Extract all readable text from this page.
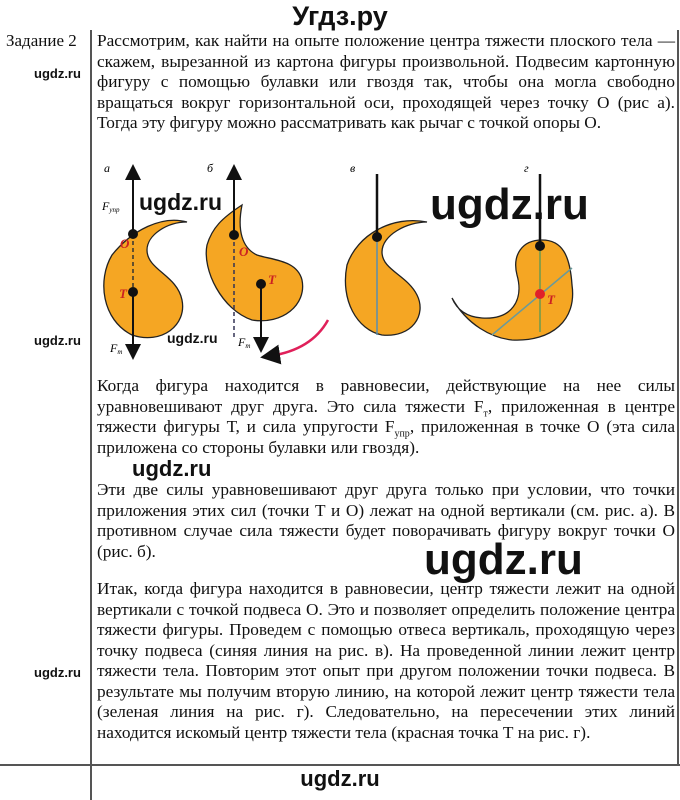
Угдз.ру
Задание 2
ugdz.ru
ugdz.ru
ugdz.ru

Рассмотрим, как найти на опыте положение центра тяжести плоского тела — скажем, вырезанной из картона фигуры произвольной. Подвесим картонную фигуру с помощью булавки или гвоздя так, чтобы она могла свободно вращаться вокруг горизонтальной оси, проходящей через точку О (рис а). Тогда эту фигуру можно рассматривать как рычаг с точкой опоры О.

O
T
а
Fупр
Fт
O
T
б
Fт
в
T
г
ugdz.ru
ugdz.ru
ugdz.ru

Когда фигура находится в равновесии, действующие на нее силы уравновешивают друг друга. Это сила тяжести $F_т$, приложенная в центре тяжести фигуры Т, и сила упругости $F_{упр}$, приложенная в точке О (эта сила приложена со стороны булавки или гвоздя).

ugdz.ru

Эти две силы уравновешивают друг друга только при условии, что точки приложения этих сил (точки Т и О) лежат на одной вертикали (см. рис. а). В противном случае сила тяжести будет поворачивать фигуру вокруг точки О (рис. б).	ugdz.ru

Итак, когда фигура находится в равновесии, центр тяжести лежит на одной вертикали с точкой подвеса О. Это и позволяет определить положение центра тяжести фигуры. Проведем с помощью отвеса вертикаль, проходящую через точку подвеса (синяя линия на рис. в). На проведенной линии лежит центр тяжести тела. Повторим этот опыт при другом положении точки подвеса. В результате мы получим вторую линию, на которой лежит центр тяжести тела (зеленая линия на рис. г). Следовательно, на пересечении этих линий находится искомый центр тяжести тела (красная точка Т на рис. г).

ugdz.ru
